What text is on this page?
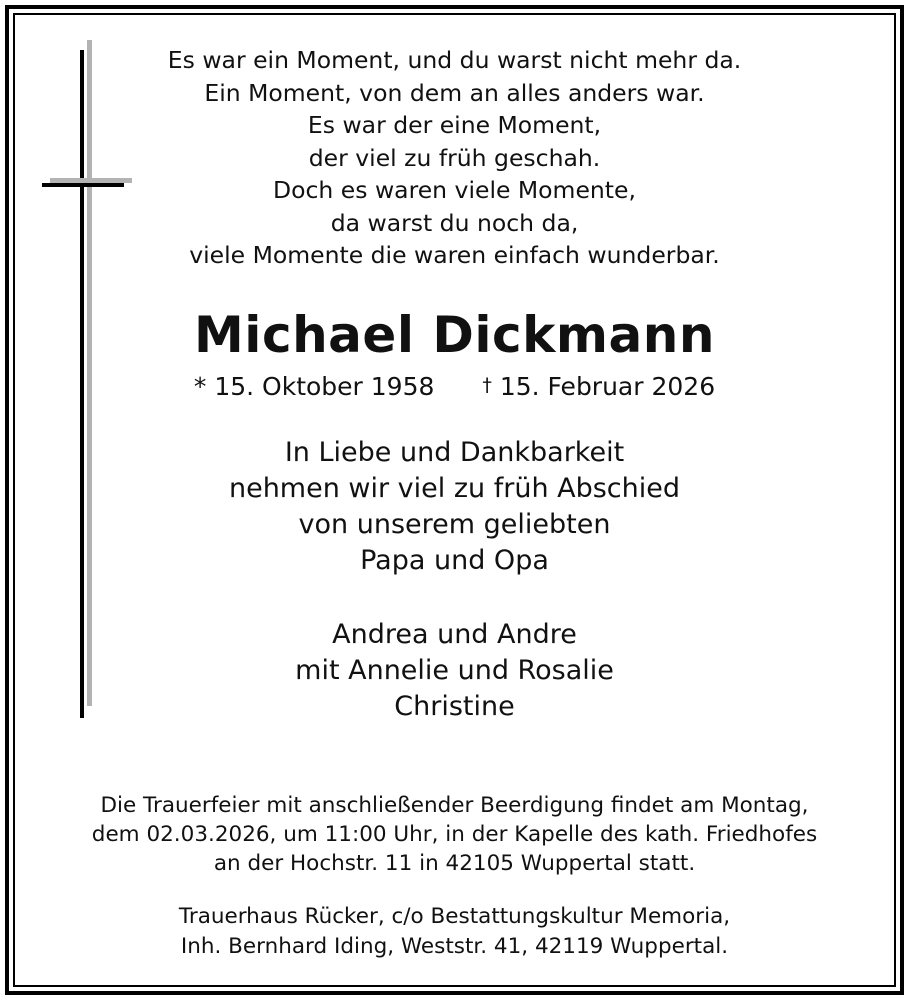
Es war ein Moment, und du warst nicht mehr da.
Ein Moment, von dem an alles anders war.
Es war der eine Moment,
der viel zu früh geschah.
Doch es waren viele Momente,
da warst du noch da,
viele Momente die waren einfach wunderbar.
Michael Dickmann
* 15. Oktober 1958	† 15. Februar 2026
In Liebe und Dankbarkeit
nehmen wir viel zu früh Abschied
von unserem geliebten
Papa und Opa
Andrea und Andre
mit Annelie und Rosalie
Christine
Die Trauerfeier mit anschließender Beerdigung findet am Montag,
dem 02.03.2026, um 11:00 Uhr, in der Kapelle des kath. Friedhofes
an der Hochstr. 11 in 42105 Wuppertal statt.
Trauerhaus Rücker, c/o Bestattungskultur Memoria,
Inh. Bernhard Iding, Weststr. 41, 42119 Wuppertal.
